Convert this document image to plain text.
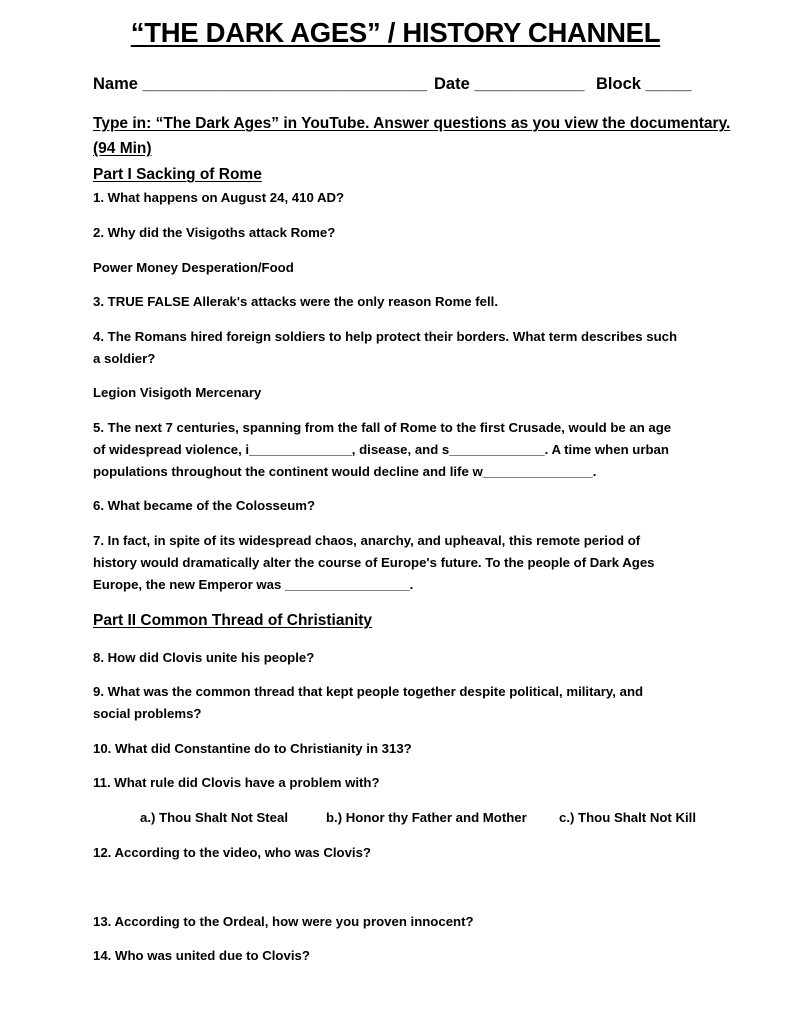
“THE DARK AGES” / HISTORY CHANNEL
Name _______________________________ Date ____________ Block _____
Type in: “The Dark Ages” in YouTube. Answer questions as you view the documentary.
(94 Min)
Part I Sacking of Rome
1. What happens on August 24, 410 AD?
2. Why did the Visigoths attack Rome?
Power Money Desperation/Food
3. TRUE FALSE Allerak's attacks were the only reason Rome fell.
4. The Romans hired foreign soldiers to help protect their borders. What term describes such
a soldier?
Legion Visigoth Mercenary
5. The next 7 centuries, spanning from the fall of Rome to the first Crusade, would be an age
of widespread violence, i______________, disease, and s_____________. A time when urban
populations throughout the continent would decline and life w_______________.
6. What became of the Colosseum?
7. In fact, in spite of its widespread chaos, anarchy, and upheaval, this remote period of
history would dramatically alter the course of Europe's future. To the people of Dark Ages
Europe, the new Emperor was _________________.
Part II Common Thread of Christianity
8. How did Clovis unite his people?
9. What was the common thread that kept people together despite political, military, and
social problems?
10. What did Constantine do to Christianity in 313?
11. What rule did Clovis have a problem with?
a.) Thou Shalt Not Steal	b.) Honor thy Father and Mother c.) Thou Shalt Not Kill
12. According to the video, who was Clovis?
13. According to the Ordeal, how were you proven innocent?
14. Who was united due to Clovis?
